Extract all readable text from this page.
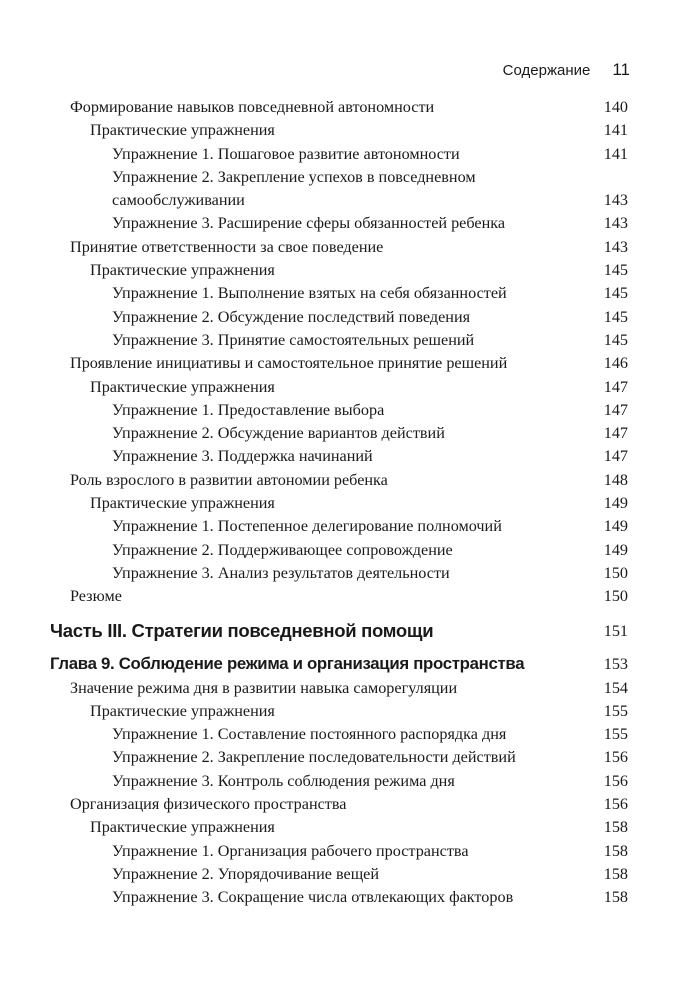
Содержание 11
Формирование навыков повседневной автономности	140
Практические упражнения	141
Упражнение 1. Пошаговое развитие автономности	141
Упражнение 2. Закрепление успехов в повседневном самообслуживании	143
Упражнение 3. Расширение сферы обязанностей ребенка	143
Принятие ответственности за свое поведение	143
Практические упражнения	145
Упражнение 1. Выполнение взятых на себя обязанностей	145
Упражнение 2. Обсуждение последствий поведения	145
Упражнение 3. Принятие самостоятельных решений	145
Проявление инициативы и самостоятельное принятие решений	146
Практические упражнения	147
Упражнение 1. Предоставление выбора	147
Упражнение 2. Обсуждение вариантов действий	147
Упражнение 3. Поддержка начинаний	147
Роль взрослого в развитии автономии ребенка	148
Практические упражнения	149
Упражнение 1. Постепенное делегирование полномочий	149
Упражнение 2. Поддерживающее сопровождение	149
Упражнение 3. Анализ результатов деятельности	150
Резюме	150
Часть III. Стратегии повседневной помощи	151
Глава 9. Соблюдение режима и организация пространства	153
Значение режима дня в развитии навыка саморегуляции	154
Практические упражнения	155
Упражнение 1. Составление постоянного распорядка дня	155
Упражнение 2. Закрепление последовательности действий	156
Упражнение 3. Контроль соблюдения режима дня	156
Организация физического пространства	156
Практические упражнения	158
Упражнение 1. Организация рабочего пространства	158
Упражнение 2. Упорядочивание вещей	158
Упражнение 3. Сокращение числа отвлекающих факторов	158
